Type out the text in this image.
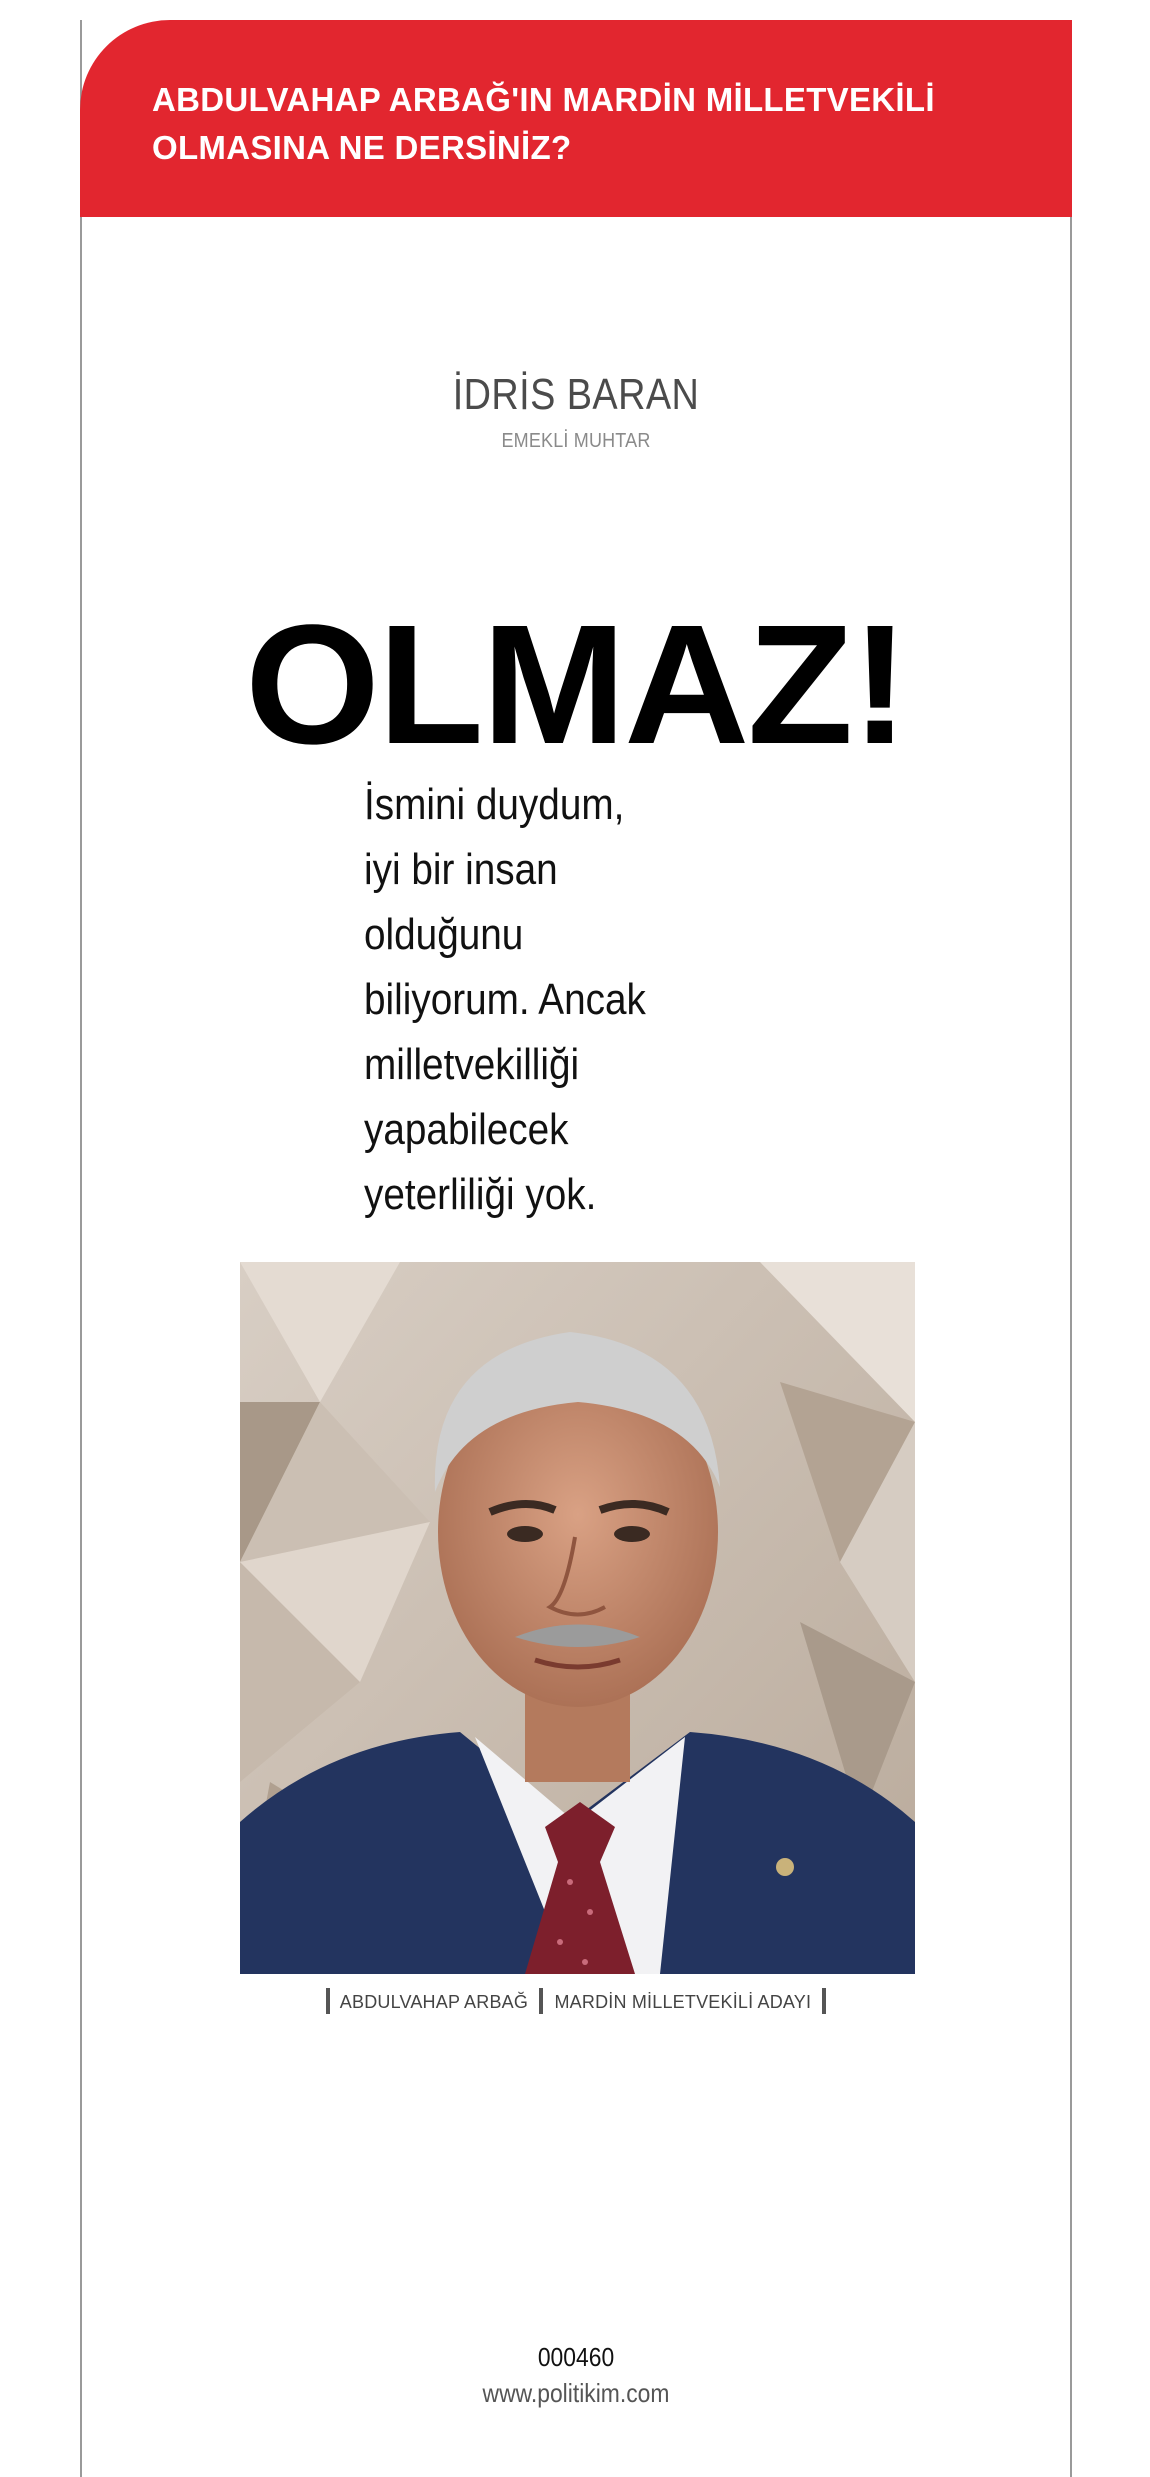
ABDULVAHAP ARBAĞ'IN MARDİN MİLLETVEKİLİ
OLMASINA NE DERSİNİZ?
İDRİS BARAN
EMEKLİ MUHTAR
OLMAZ!
İsmini duydum,
iyi bir insan
olduğunu
biliyorum. Ancak
milletvekilliği
yapabilecek
yeterliliği yok.
ABDULVAHAP ARBAĞ MARDİN MİLLETVEKİLİ ADAYI
000460
www.politikim.com
